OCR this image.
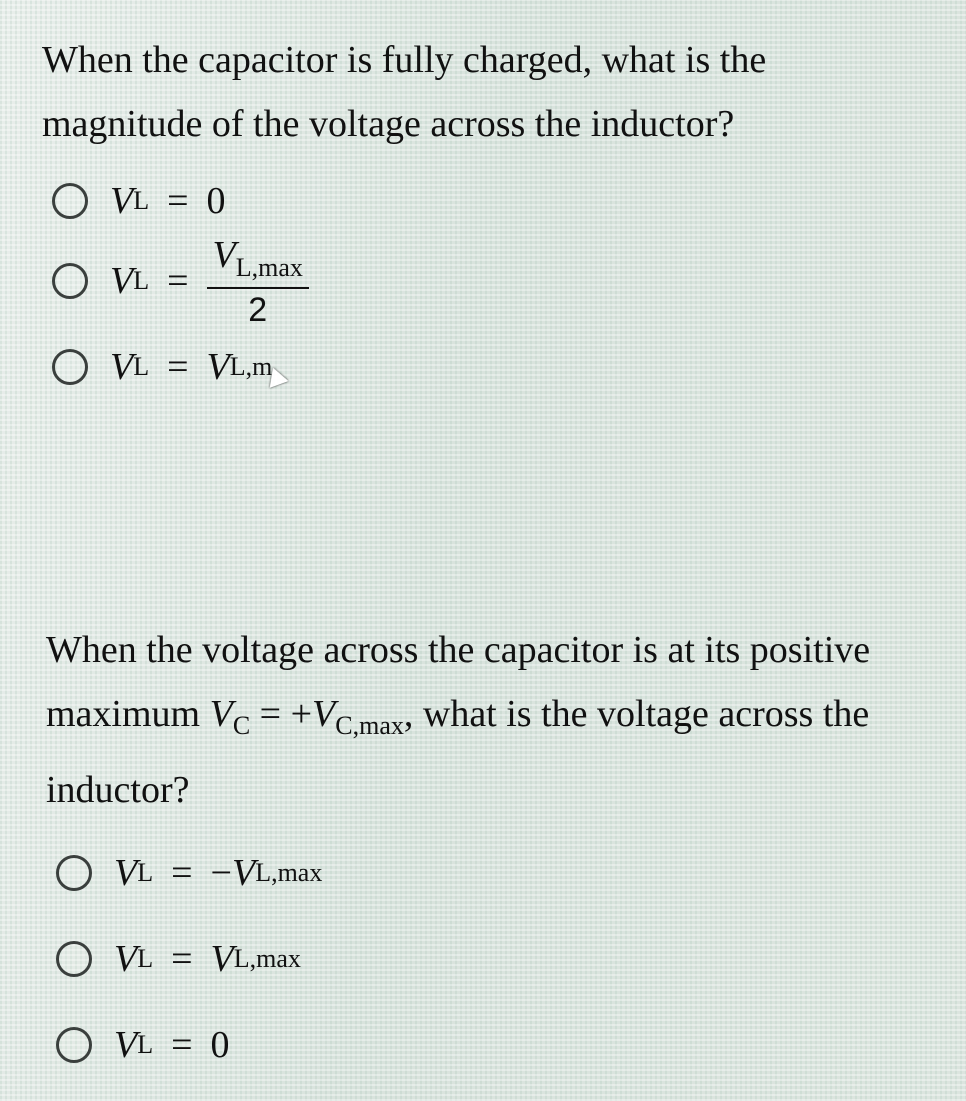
When the capacitor is fully charged, what is the magnitude of the voltage across the inductor?

V L = 0
V $L = \frac{V_{L,max}}{2}$
V L = V L,m

When the voltage across the capacitor is at its positive maximum $V_C = +V_{C,max}$, what is the voltage across the inductor?

V L = − V L,max
V L = V L,max
V L = 0
